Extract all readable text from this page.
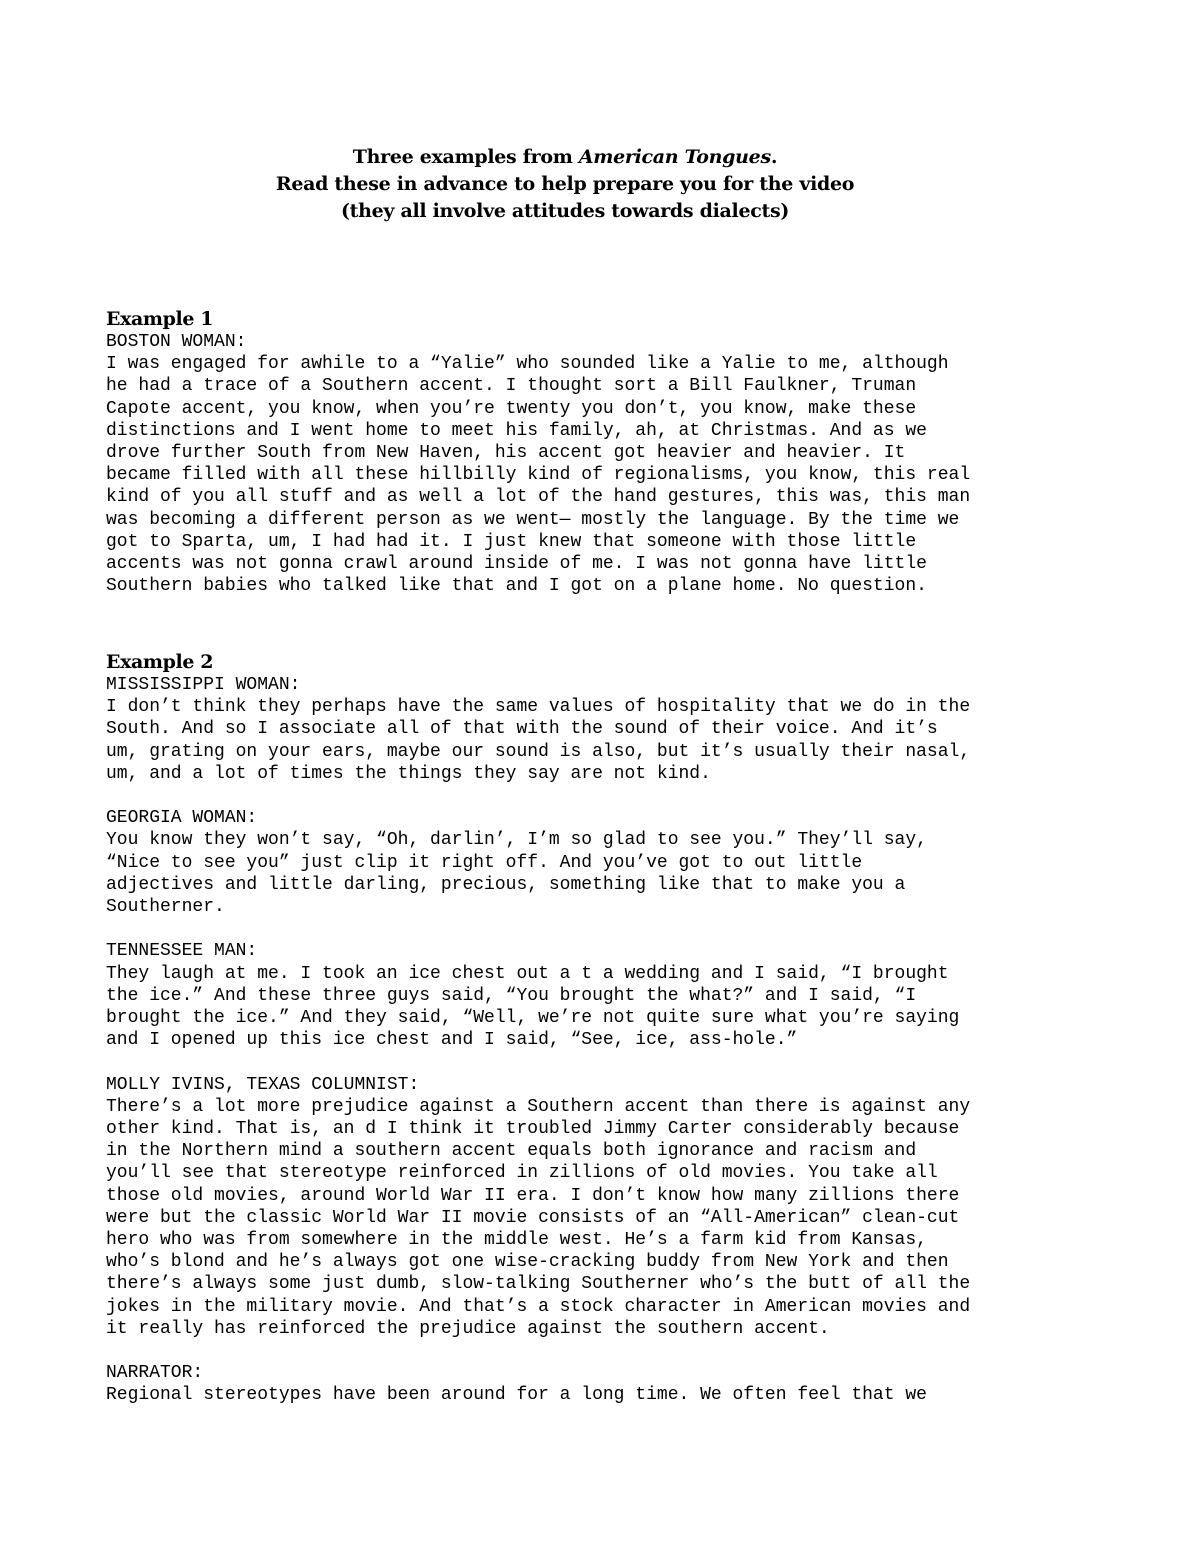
Three examples from American Tongues.
Read these in advance to help prepare you for the video
(they all involve attitudes towards dialects)

Example 1

BOSTON WOMAN:

I was engaged for awhile to a “Yalie” who sounded like a Yalie to me, although

he had a trace of a Southern accent. I thought sort a Bill Faulkner, Truman

Capote accent, you know, when you’re twenty you don’t, you know, make these

distinctions and I went home to meet his family, ah, at Christmas. And as we

drove further South from New Haven, his accent got heavier and heavier. It

became filled with all these hillbilly kind of regionalisms, you know, this real

kind of you all stuff and as well a lot of the hand gestures, this was, this man

was becoming a different person as we went— mostly the language. By the time we

got to Sparta, um, I had had it. I just knew that someone with those little

accents was not gonna crawl around inside of me. I was not gonna have little

Southern babies who talked like that and I got on a plane home. No question.

Example 2

MISSISSIPPI WOMAN:

I don’t think they perhaps have the same values of hospitality that we do in the

South. And so I associate all of that with the sound of their voice. And it’s

um, grating on your ears, maybe our sound is also, but it’s usually their nasal,

um, and a lot of times the things they say are not kind.

GEORGIA WOMAN:

You know they won’t say, “Oh, darlin’, I’m so glad to see you.” They’ll say,

“Nice to see you” just clip it right off. And you’ve got to out little

adjectives and little darling, precious, something like that to make you a

Southerner.

TENNESSEE MAN:

They laugh at me. I took an ice chest out a t a wedding and I said, “I brought

the ice.” And these three guys said, “You brought the what?” and I said, “I

brought the ice.” And they said, “Well, we’re not quite sure what you’re saying

and I opened up this ice chest and I said, “See, ice, ass-hole.”

MOLLY IVINS, TEXAS COLUMNIST:

There’s a lot more prejudice against a Southern accent than there is against any

other kind. That is, an d I think it troubled Jimmy Carter considerably because

in the Northern mind a southern accent equals both ignorance and racism and

you’ll see that stereotype reinforced in zillions of old movies. You take all

those old movies, around World War II era. I don’t know how many zillions there

were but the classic World War II movie consists of an “All-American” clean-cut

hero who was from somewhere in the middle west. He’s a farm kid from Kansas,

who’s blond and he’s always got one wise-cracking buddy from New York and then

there’s always some just dumb, slow-talking Southerner who’s the butt of all the

jokes in the military movie. And that’s a stock character in American movies and

it really has reinforced the prejudice against the southern accent.

NARRATOR:

Regional stereotypes have been around for a long time. We often feel that we
